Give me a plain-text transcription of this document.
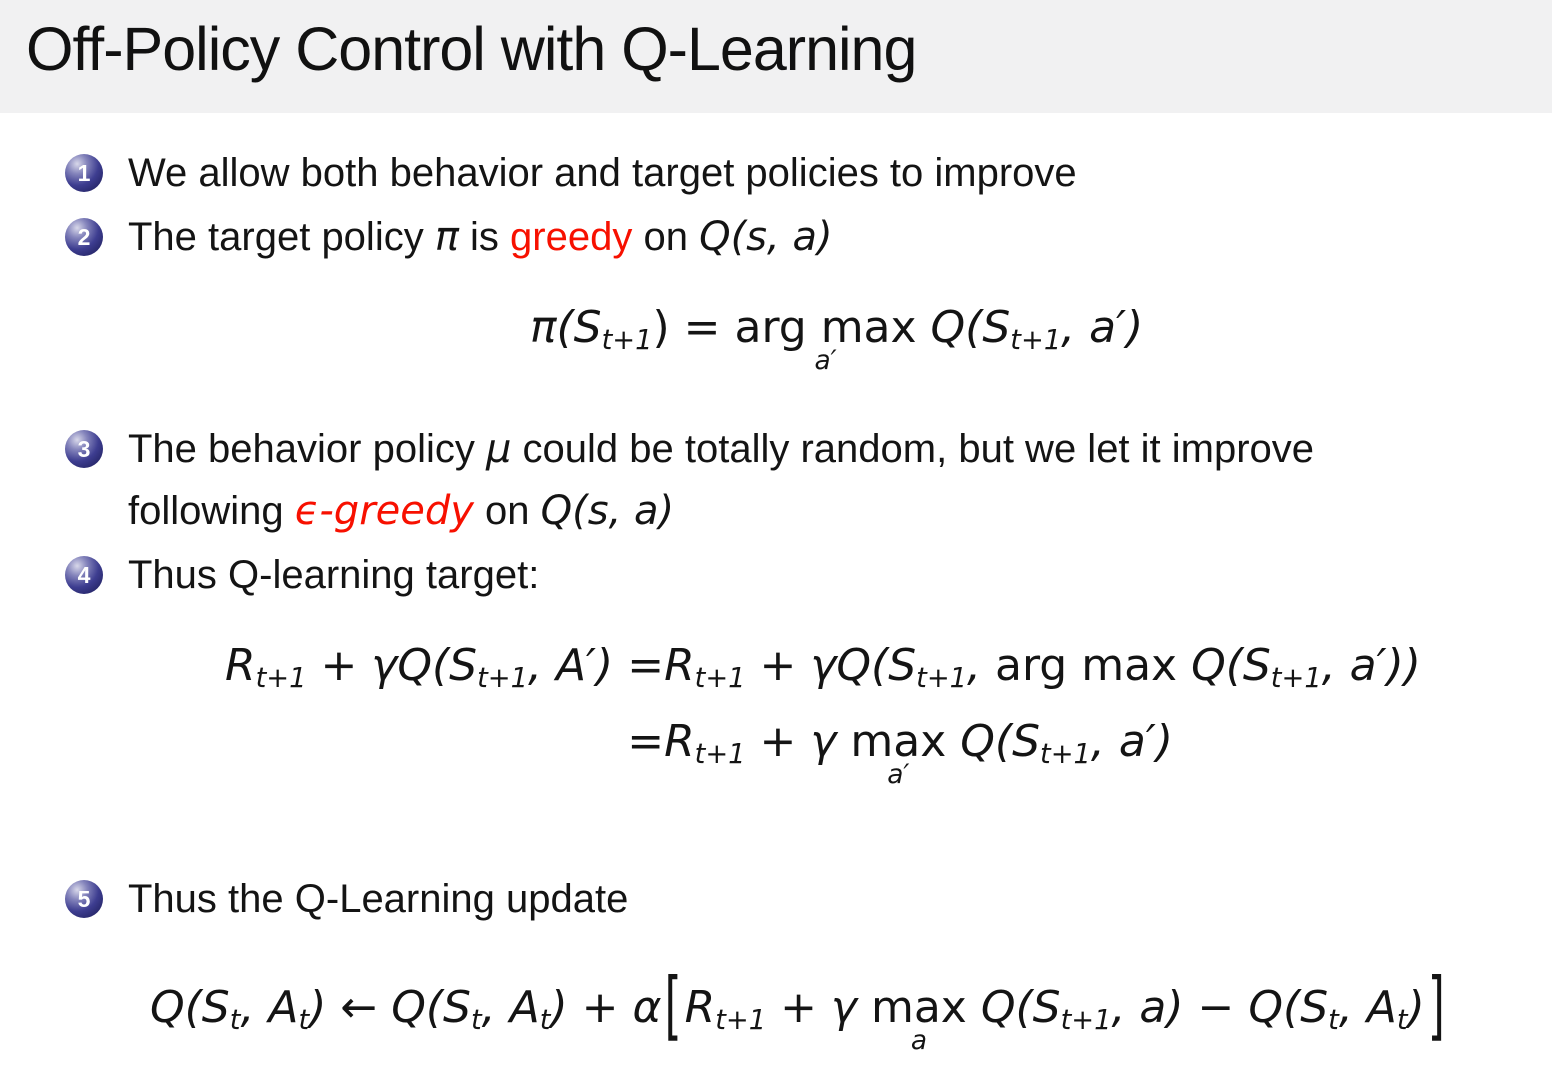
Off-Policy Control with Q-Learning
1 We allow both behavior and target policies to improve
2 The target policy π is greedy on Q(s, a)
$\pi(S_{t+1})$ = arg max
a′
$Q(S_{t+1}$, a′)
3 The behavior policy μ could be totally random, but we let it improve
following ϵ-greedy on Q(s, a)
4 Thus Q-learning target:
$R_{t+1} + \gamma Q(S_{t+1}$, $A') =R_{t+1} + \gamma Q(S_{t+1}$, arg $\max Q(S_{t+1}$, a′))
$=R_{t+1} + \gamma$ max
a′
$Q(S_{t+1}$, a′)
5 Thus the Q-Learning update
$Q(S_t$, $A_t$) ← $Q(S_t$, $A_t) + \alpha[R_{t+1} + \gamma$ max
a
$Q(S_{t+1}$, $a) - Q(S_t$, $A_t$)]
